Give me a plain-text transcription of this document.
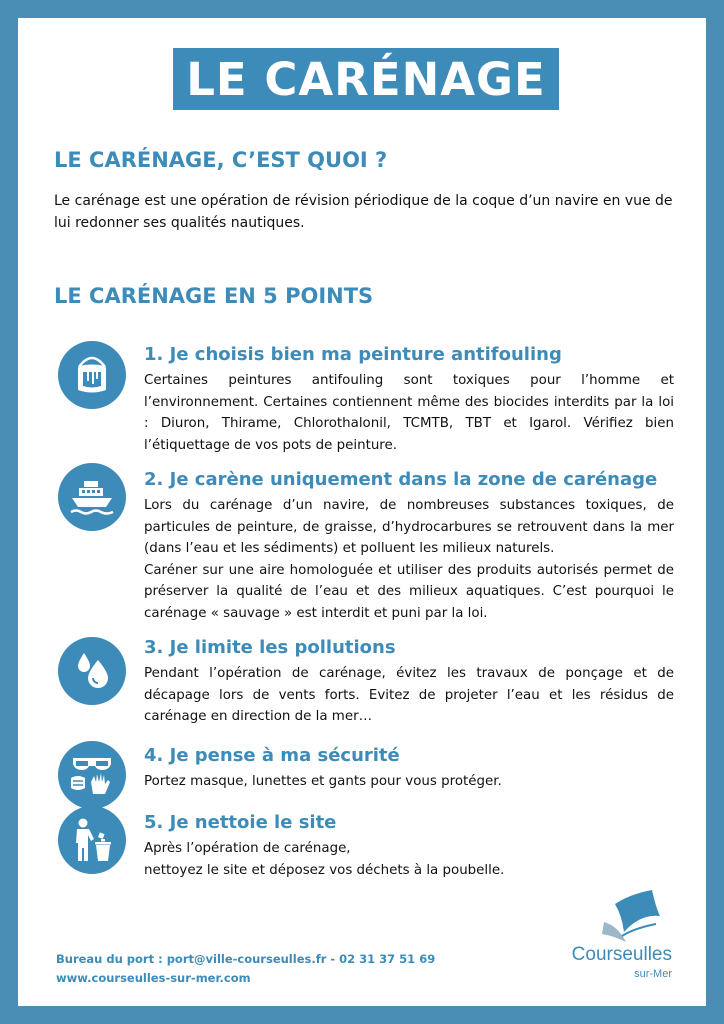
LE CARÉNAGE
LE CARÉNAGE, C’EST QUOI ?

Le carénage est une opération de révision périodique de la coque d’un navire en vue de lui redonner ses qualités nautiques.

LE CARÉNAGE EN 5 POINTS
1. Je choisis bien ma peinture antifouling

Certaines peintures antifouling sont toxiques pour l’homme et l’environnement. Certaines contiennent même des biocides interdits par la loi : Diuron, Thirame, Chlorothalonil, TCMTB, TBT et Igarol. Vérifiez bien l’étiquettage de vos pots de peinture.

2. Je carène uniquement dans la zone de carénage

Lors du carénage d’un navire, de nombreuses substances toxiques, de particules de peinture, de graisse, d’hydrocarbures se retrouvent dans la mer (dans l’eau et les sédiments) et polluent les milieux naturels.
Caréner sur une aire homologuée et utiliser des produits autorisés permet de préserver la qualité de l’eau et des milieux aquatiques. C’est pourquoi le carénage « sauvage » est interdit et puni par la loi.

3. Je limite les pollutions

Pendant l’opération de carénage, évitez les travaux de ponçage et de décapage lors de vents forts. Evitez de projeter l’eau et les résidus de carénage en direction de la mer…

4. Je pense à ma sécurité

Portez masque, lunettes et gants pour vous protéger.

5. Je nettoie le site

Après l’opération de carénage,
nettoyez le site et déposez vos déchets à la poubelle.

Bureau du port : port@ville-courseulles.fr - 02 31 37 51 69
www.courseulles-sur-mer.com
Courseulles
sur-Mer
